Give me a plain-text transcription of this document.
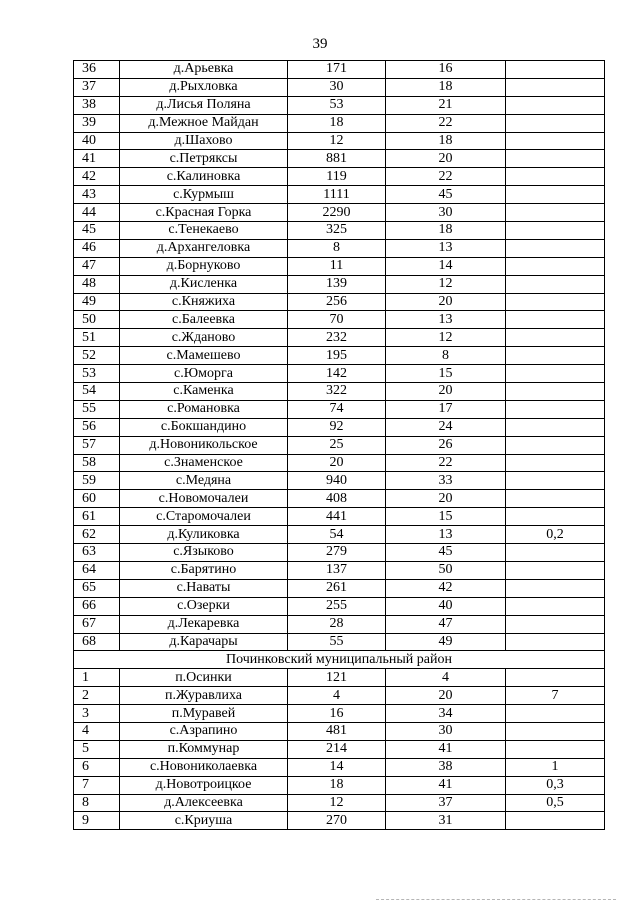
39
36	д.Арьевка	171	16	
37	д.Рыхловка	30	18	
38	д.Лисья Поляна	53	21	
39	д.Межное Майдан	18	22	
40	д.Шахово	12	18	
41	с.Петряксы	881	20	
42	с.Калиновка	119	22	
43	с.Курмыш	1111	45	
44	с.Красная Горка	2290	30	
45	с.Тенекаево	325	18	
46	д.Архангеловка	8	13	
47	д.Борнуково	11	14	
48	д.Кисленка	139	12	
49	с.Княжиха	256	20	
50	с.Балеевка	70	13	
51	с.Жданово	232	12	
52	с.Мамешево	195	8	
53	с.Юморга	142	15	
54	с.Каменка	322	20	
55	с.Романовка	74	17	
56	с.Бокшандино	92	24	
57	д.Новоникольское	25	26	
58	с.Знаменское	20	22	
59	с.Медяна	940	33	
60	с.Новомочалеи	408	20	
61	с.Старомочалеи	441	15	
62	д.Куликовка	54	13	0,2
63	с.Языково	279	45	
64	с.Барятино	137	50	
65	с.Наваты	261	42	
66	с.Озерки	255	40	
67	д.Лекаревка	28	47	
68	д.Карачары	55	49	
Починковский муниципальный район				
1	п.Осинки	121	4	
2	п.Журавлиха	4	20	7
3	п.Муравей	16	34	
4	с.Азрапино	481	30	
5	п.Коммунар	214	41	
6	с.Новониколаевка	14	38	1
7	д.Новотроицкое	18	41	0,3
8	д.Алексеевка	12	37	0,5
9	с.Криуша	270	31	
